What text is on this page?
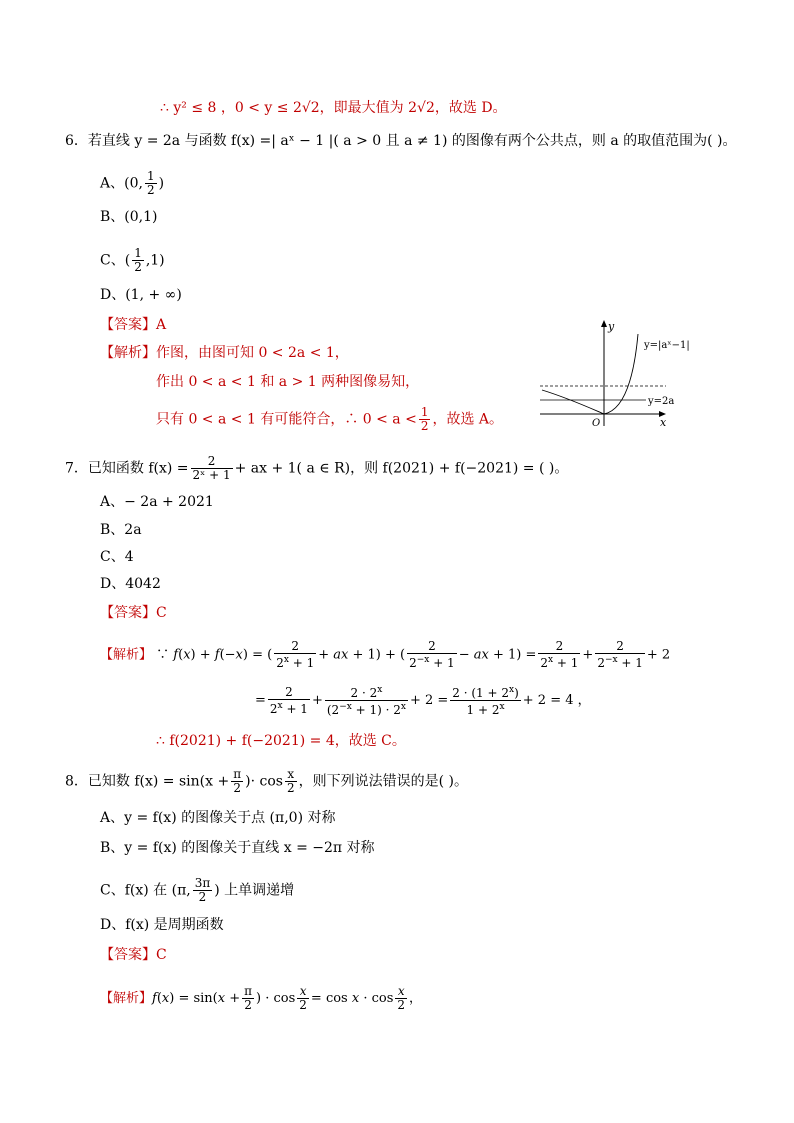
∴ y² ≤ 8 ，0 < y ≤ 2√2，即最大值为 2√2，故选 D。
6．若直线 y = 2a 与函数 f(x) =| aˣ − 1 |( a > 0 且 a ≠ 1) 的图像有两个公共点，则 a 的取值范围为( )。
A、(0, $\frac{1}{2}$ )
B、(0,1)
C、( $\frac{1}{2} ,1$)
D、(1, + ∞)
【答案】A
【解析】作图，由图可知 0 < 2a < 1，
作出 0 < a < 1 和 a > 1 两种图像易知，
只有 0 < a < 1 有可能符合，∴ $0 < a < \frac{1}{2}$ ，故选 A。
y
x
O
y=|aˣ−1|
y=2a
7．已知函数 $f(x) = \frac{2}{\text{2ˣ + 1}}$ + ax + 1( a ∈ R)，则 f(2021) + f(−2021) = ( )。
A、− 2a + 2021
B、2a
C、4
D、4042
【答案】C
【解析】 ∵ f(x) + f(−x) = ( $\frac{2}{2^x + 1}$ + ax + 1) + ( $\frac{2}{2^{-x} + 1}$ − ax + $1) = \frac{2}{2^x + 1} + \frac{2}{2^{-x} + 1} + 2$
= $\frac{2}{2^x + 1} + \frac{2 \cdot 2^x}{(2^{-x} + 1) \cdot 2^x} + 2 = \frac{2 \cdot (1 + 2^x)}{1 + 2^x} + 2 = 4$ ，
∴ f(2021) + f(−2021) = 4，故选 C。
8．已知数 $f(x) = \sin(x + \frac{\pi}{2}$ )· $\cos \frac{x}{2}$ ，则下列说法错误的是( )。
A、y = f(x) 的图像关于点 (π,0) 对称
B、y = f(x) 的图像关于直线 x = −2π 对称
C、f(x) 在 (π, $\frac{3\pi}{2}$ ) 上单调递增
D、f(x) 是周期函数
【答案】C
【解析】$f(x) = \sin(x + \frac{\pi}{2}$ ) · $\cos \frac{x}{2} = \cos x \cdot \cos \frac{x}{2}$ ，
